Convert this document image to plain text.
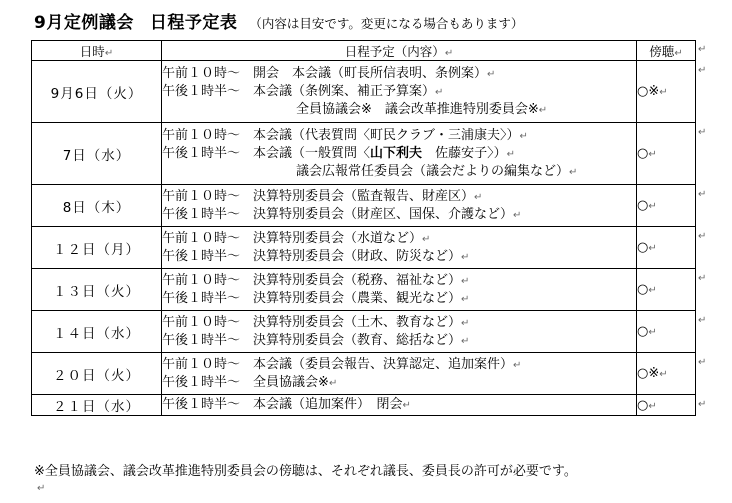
9月定例議会 日程予定表 （内容は目安です。変更になる場合もあります）
日時↵	日程予定（内容）↵	傍聴↵
9月6日（火）	午前１０時～　 開会　本会議（町長所信表明、条例案）↵
午後１時半～　 本会議（条例案、補正予算案）↵
全員協議会※　議会改革推進特別委員会※↵	○※↵
7日（水）	午前１０時～　 本会議（代表質問〈町民クラブ・三浦康夫〉）↵
午後１時半～　 本会議（一般質問〈山下利夫　佐藤安子〉）↵
議会広報常任委員会（議会だよりの編集など）↵	○↵
8日（木）	午前１０時～　 決算特別委員会（監査報告、財産区）↵
午後１時半～　 決算特別委員会（財産区、国保、介護など）↵	○↵
１２日（月）	午前１０時～　 決算特別委員会（水道など）↵
午後１時半～　 決算特別委員会（財政、防災など）↵	○↵
１３日（火）	午前１０時～　 決算特別委員会（税務、福祉など）↵
午後１時半～　 決算特別委員会（農業、観光など）↵	○↵
１４日（水）	午前１０時～　 決算特別委員会（土木、教育など）↵
午後１時半～　 決算特別委員会（教育、総括など）↵	○↵
２０日（火）	午前１０時～　 本会議（委員会報告、決算認定、追加案件）↵
午後１時半～　 全員協議会※↵	○※↵
２１日（水）	午後１時半～　 本会議（追加案件）　閉会↵	○↵
↵
↵
↵
↵
↵
↵
↵
↵
↵
※全員協議会、議会改革推進特別委員会の傍聴は、それぞれ議長、委員長の許可が必要です。
↵
